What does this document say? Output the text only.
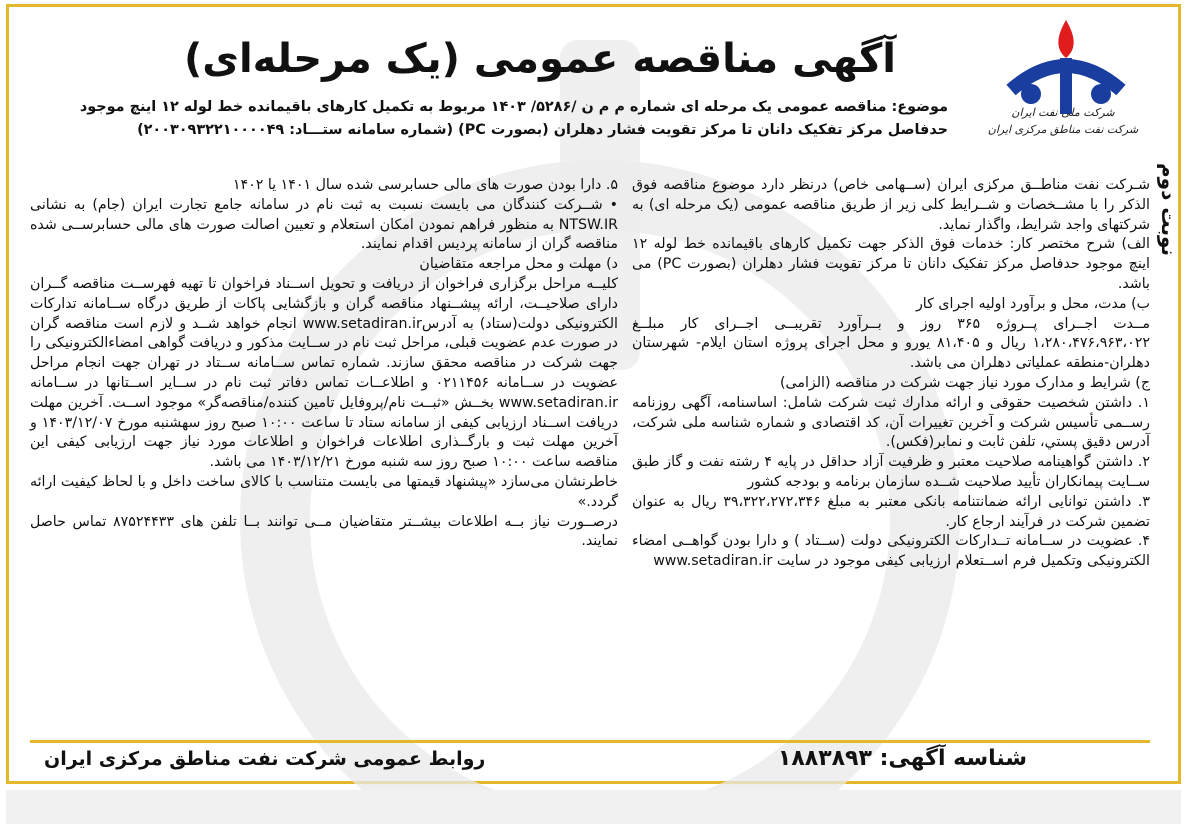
شرکت ملی نفت ایران
شرکت نفت مناطق مرکزی ایران
نوبت دوم
آگهی مناقصه عمومی (یک مرحله‌ای)
موضوع: مناقصه عمومی یک مرحله ای شماره م م ن /۵۲۸۶/ ۱۴۰۳ مربوط به تکمیل کارهای باقیمانده خط لوله ۱۲ اینچ موجود
حدفاصل مرکز تفکیک دانان تا مرکز تقویت فشار دهلران (بصورت PC) (شماره سامانه ستـــاد: ۲۰۰۳۰۹۳۲۲۱۰۰۰۰۴۹)

شـرکت نفت مناطــق مرکزی ایران (ســهامی خاص) درنظر دارد موضوع مناقصه فوق الذکر را با مشــخصات و شــرایط کلی زیر از طریق مناقصه عمومی (یک مرحله ای) به شرکتهای واجد شرایط، واگذار نماید.

الف) شرح مختصر کار: خدمات فوق الذکر جهت تکمیل کارهای باقیمانده خط لوله ۱۲ اینچ موجود حدفاصل مرکز تفکیک دانان تا مرکز تقویت فشار دهلران (بصورت PC) می باشد.

ب) مدت، محل و برآورد اولیه اجرای کار

مــدت اجــرای پــروژه ۳۶۵ روز و بــرآورد تقریبــی اجــرای کار مبلــغ ۱،۲۸۰،۴۷۶،۹۶۳،۰۲۲ ریال و ۸۱،۴۰۵ یورو و محل اجرای پروژه استان ایلام- شهرستان دهلران-منطقه عملیاتی دهلران می باشد.

ج) شرایط و مدارک مورد نیاز جهت شرکت در مناقصه (الزامی)

۱. داشتن شخصیت حقوقی و ارائه مدارك ثبت شركت شامل: اساسنامه، آگهی روزنامه رســمی تأسیس شرکت و آخرین تغییرات آن، کد اقتصادی و شماره شناسه ملی شرکت، آدرس دقيق پستي، تلفن ثابت و نمابر(فكس).

۲. داشتن گواهینامه صلاحیت معتبر و ظرفیت آزاد حداقل در پایه ۴ رشته نفت و گاز طبق ســایت پیمانکاران تأیید صلاحیت شــده سازمان برنامه و بودجه کشور

۳. داشتن توانایی ارائه ضمانتنامه بانکی معتبر به مبلغ ۳۹،۳۲۲،۲۷۲،۳۴۶ ریال به عنوان تضمین شرکت در فرآیند ارجاع کار.

۴. عضويت در ســامانه تــدارکات الکترونیکی دولت (ســتاد ) و دارا بودن گواهــی امضاء الکترونیکی وتکمیل فرم اســتعلام ارزیابی کیفی موجود در سایت www.setadiran.ir

۵. دارا بودن صورت های مالی حسابرسی شده سال ۱۴۰۱ یا ۱۴۰۲

• شــرکت کنندگان می بایست نسبت به ثبت نام در سامانه جامع تجارت ایران (جام) به نشانی NTSW.IR به منظور فراهم نمودن امکان استعلام و تعیین اصالت صورت های مالی حسابرســی شده مناقصه گران از سامانه پردیس اقدام نمایند.

د) مهلت و محل مراجعه متقاضیان

کلیــه مراحل برگزاری فراخوان از دریافت و تحویل اســناد فراخوان تا تهیه فهرســت مناقصه گــران دارای صلاحیــت، ارائه پیشــنهاد مناقصه گران و بازگشایی پاکات از طریق درگاه ســامانه تدارکات الکترونیکی دولت(ستاد) به آدرسwww.setadiran.ir انجام خواهد شــد و لازم است مناقصه گران در صورت عدم عضویت قبلی، مراحل ثبت نام در ســایت مذکور و دریافت گواهی امضاءالکترونیکی را جهت شرکت در مناقصه محقق سازند. شماره تماس ســامانه ســتاد در تهران جهت انجام مراحل عضویت در ســامانه ۰۲۱۱۴۵۶ و اطلاعــات تماس دفاتر ثبت نام در ســایر اســتانها در ســامانه www.setadiran.ir بخــش «ثبــت نام/پروفایل تامین کننده/مناقصه‌گر» موجود اســت. آخرین مهلت دریافت اســناد ارزیابی کیفی از سامانه ستاد تا ساعت ۱۰:۰۰ صبح روز سهشنبه مورخ ۱۴۰۳/۱۲/۰۷ و آخرین مهلت ثبت و بارگــذاری اطلاعات فراخوان و اطلاعات مورد نیاز جهت ارزیابی کیفی این مناقصه ساعت ۱۰:۰۰ صبح روز سه شنبه مورخ ۱۴۰۳/۱۲/۲۱ می باشد.

خاطرنشان می‌سازد «پیشنهاد قیمتها می بایست متناسب با کالای ساخت داخل و با لحاظ کیفیت ارائه گردد.»

درصــورت نیاز بــه اطلاعات بیشــتر متقاضیان مــی توانند بــا تلفن های ۸۷۵۲۴۴۳۳ تماس حاصل نمایند.

روابط عمومی شرکت نفت مناطق مرکزی ایران	شناسه آگهی: ۱۸۸۳۸۹۳
